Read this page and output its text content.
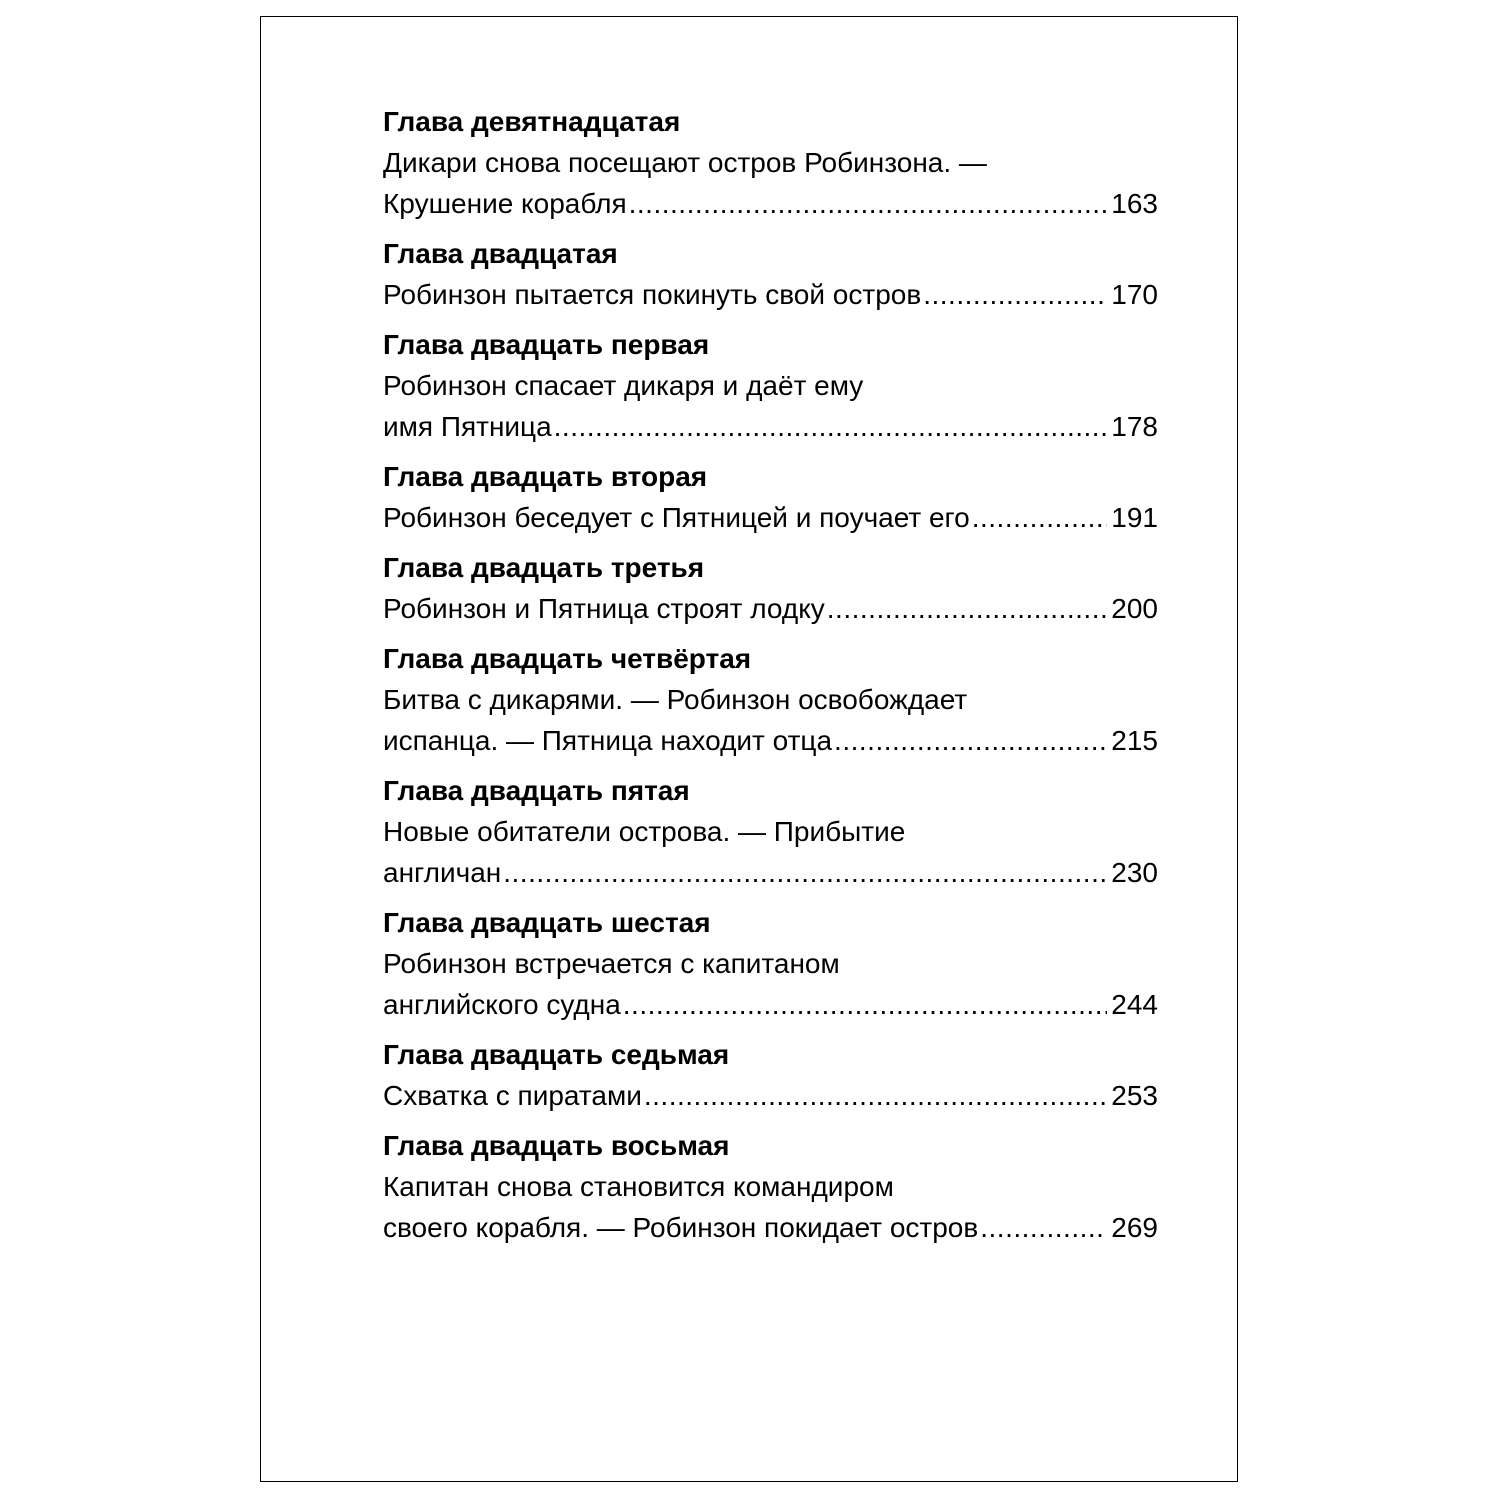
Глава девятнадцатая
Дикари снова посещают остров Робинзона. —
Крушение корабля .....	163
Глава двадцатая
Робинзон пытается покинуть свой остров .....	170
Глава двадцать первая
Робинзон спасает дикаря и даёт ему
имя Пятница .....	178
Глава двадцать вторая
Робинзон беседует с Пятницей и поучает его .....	191
Глава двадцать третья
Робинзон и Пятница строят лодку .....	200
Глава двадцать четвёртая
Битва с дикарями. — Робинзон освобождает
испанца. — Пятница находит отца .....	215
Глава двадцать пятая
Новые обитатели острова. — Прибытие
англичан .....	230
Глава двадцать шестая
Робинзон встречается с капитаном
английского судна .....	244
Глава двадцать седьмая
Схватка с пиратами .....	253
Глава двадцать восьмая
Капитан снова становится командиром
своего корабля. — Робинзон покидает остров .....	269
